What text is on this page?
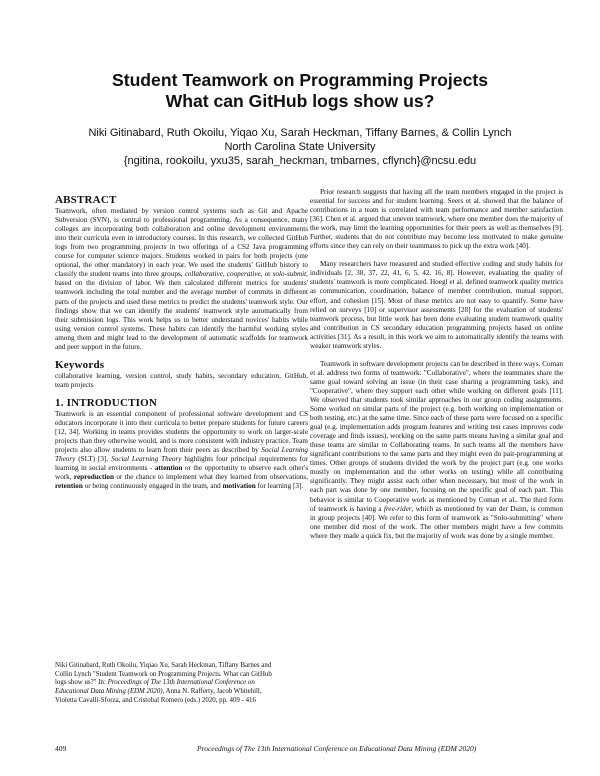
Student Teamwork on Programming Projects
What can GitHub logs show us?
Niki Gitinabard, Ruth Okoilu, Yiqao Xu, Sarah Heckman, Tiffany Barnes, & Collin Lynch
North Carolina State University
{ngitina, rookoilu, yxu35, sarah_heckman, tmbarnes, cflynch}@ncsu.edu
ABSTRACT

Teamwork, often mediated by version control systems such as Git and Apache Subversion (SVN), is central to professional programming. As a consequence, many colleges are incorporating both collaboration and online development environments into their curricula even in introductory courses. In this research, we collected GitHub logs from two programming projects in two offerings of a CS2 Java programming course for computer science majors. Students worked in pairs for both projects (one optional, the other mandatory) in each year. We used the students' GitHub history to classify the student teams into three groups, collaborative, cooperative, or solo-submit, based on the division of labor. We then calculated different metrics for students' teamwork including the total number and the average number of commits in different parts of the projects and used these metrics to predict the students' teamwork style. Our findings show that we can identify the students' teamwork style automatically from their submission logs. This work helps us to better understand novices' habits while using version control systems. These habits can identify the harmful working styles among them and might lead to the development of automatic scaffolds for teamwork and peer support in the future.

Keywords

collaborative learning, version control, study habits, secondary education, GitHub, team projects

1. INTRODUCTION

Teamwork is an essential component of professional software development and CS educators incorporate it into their curricula to better prepare students for future careers [12, 34]. Working in teams provides students the opportunity to work on larger-scale projects than they otherwise would, and is more consistent with industry practice. Team projects also allow students to learn from their peers as described by Social Learning Theory (SLT) [3]. Social Learning Theory highlights four principal requirements for learning in social environments - attention or the opportunity to observe each other's work, reproduction or the chance to implement what they learned from observations, retention or being continuously engaged in the team, and motivation for learning [3].

Niki Gitinabard, Ruth Okoilu, Yiqiao Xu, Sarah Heckman, Tiffany Barnes and Collin Lynch "Student Teamwork on Programming Projects. What can GitHub logs show us?" In: Proceedings of The 13th International Conference on Educational Data Mining (EDM 2020), Anna N. Rafferty, Jacob Whitehill, Violetta Cavalli-Sforza, and Cristobal Romero (eds.) 2020, pp. 409 - 416

Prior research suggests that having all the team members engaged in the project is essential for success and for student learning. Seers et al. showed that the balance of contributions in a team is correlated with team performance and member satisfaction [36]. Chen et al. argued that uneven teamwork, where one member does the majority of the work, may limit the learning opportunities for their peers as well as themselves [9]. Further, students that do not contribute may become less motivated to make genuine efforts since they can rely on their teammates to pick up the extra work [40].

Many researchers have measured and studied effective coding and study habits for individuals [2, 38, 37, 22, 41, 6, 5, 42, 16, 8]. However, evaluating the quality of students' teamwork is more complicated. Hoegl et al. defined teamwork quality metrics as communication, coordination, balance of member contribution, mutual support, effort, and cohesion [15]. Most of these metrics are not easy to quantify. Some have relied on surveys [10] or supervisor assessments [28] for the evaluation of students' teamwork process, but little work has been done evaluating student teamwork quality and contribution in CS secondary education programming projects based on online activities [31]. As a result, in this work we aim to automatically identify the teams with weaker teamwork styles.

Teamwork in software development projects can be described in three ways. Coman et al. address two forms of teamwork: "Collaborative", where the teammates share the same goal toward solving an issue (in their case sharing a programming task), and "Cooperative", where they support each other while working on different goals [11]. We observed that students took similar approaches in our group coding assignments. Some worked on similar parts of the project (e.g. both working on implementation or both testing, etc.) at the same time. Since each of these parts were focused on a specific goal (e.g. implementation adds program features and writing test cases improves code coverage and finds issues), working on the same parts means having a similar goal and these teams are similar to Collaborating teams. In such teams all the members have significant contributions to the same parts and they might even do pair-programming at times. Other groups of students divided the work by the project part (e.g. one works mostly on implementation and the other works on testing) while all contributing significantly. They might assist each other when necessary, but most of the work in each part was done by one member, focusing on the specific goal of each part. This behavior is similar to Cooperative work as mentioned by Coman et al.. The third form of teamwork is having a free-rider, which as mentioned by van der Duim, is common in group projects [40]. We refer to this form of teamwork as "Solo-submitting" where one member did most of the work. The other members might have a few commits where they made a quick fix, but the majority of work was done by a single member.

409	Proceedings of The 13th International Conference on Educational Data Mining (EDM 2020)
